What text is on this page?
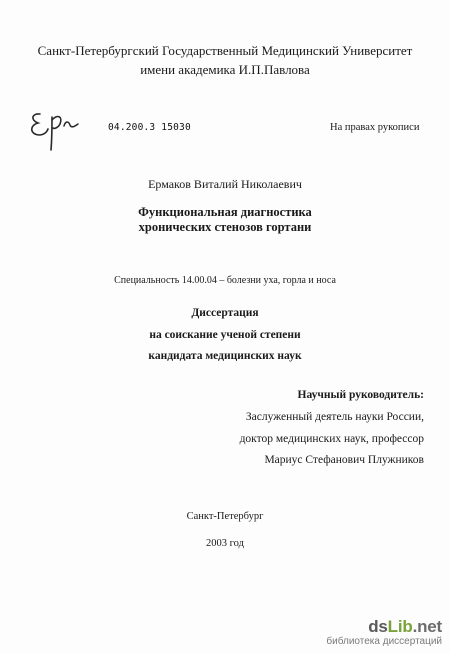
Санкт-Петербургский Государственный Медицинский Университет
имени академика И.П.Павлова
04.200.3 15030	На правах рукописи
Ермаков Виталий Николаевич
Функциональная диагностика
хронических стенозов гортани
Специальность 14.00.04 – болезни уха, горла и носа
Диссертация
на соискание ученой степени
кандидата медицинских наук
Научный руководитель:
Заслуженный деятель науки России,
доктор медицинских наук, профессор
Мариус Стефанович Плужников
Санкт-Петербург
2003 год
dsLib.net
библиотека диссертаций
